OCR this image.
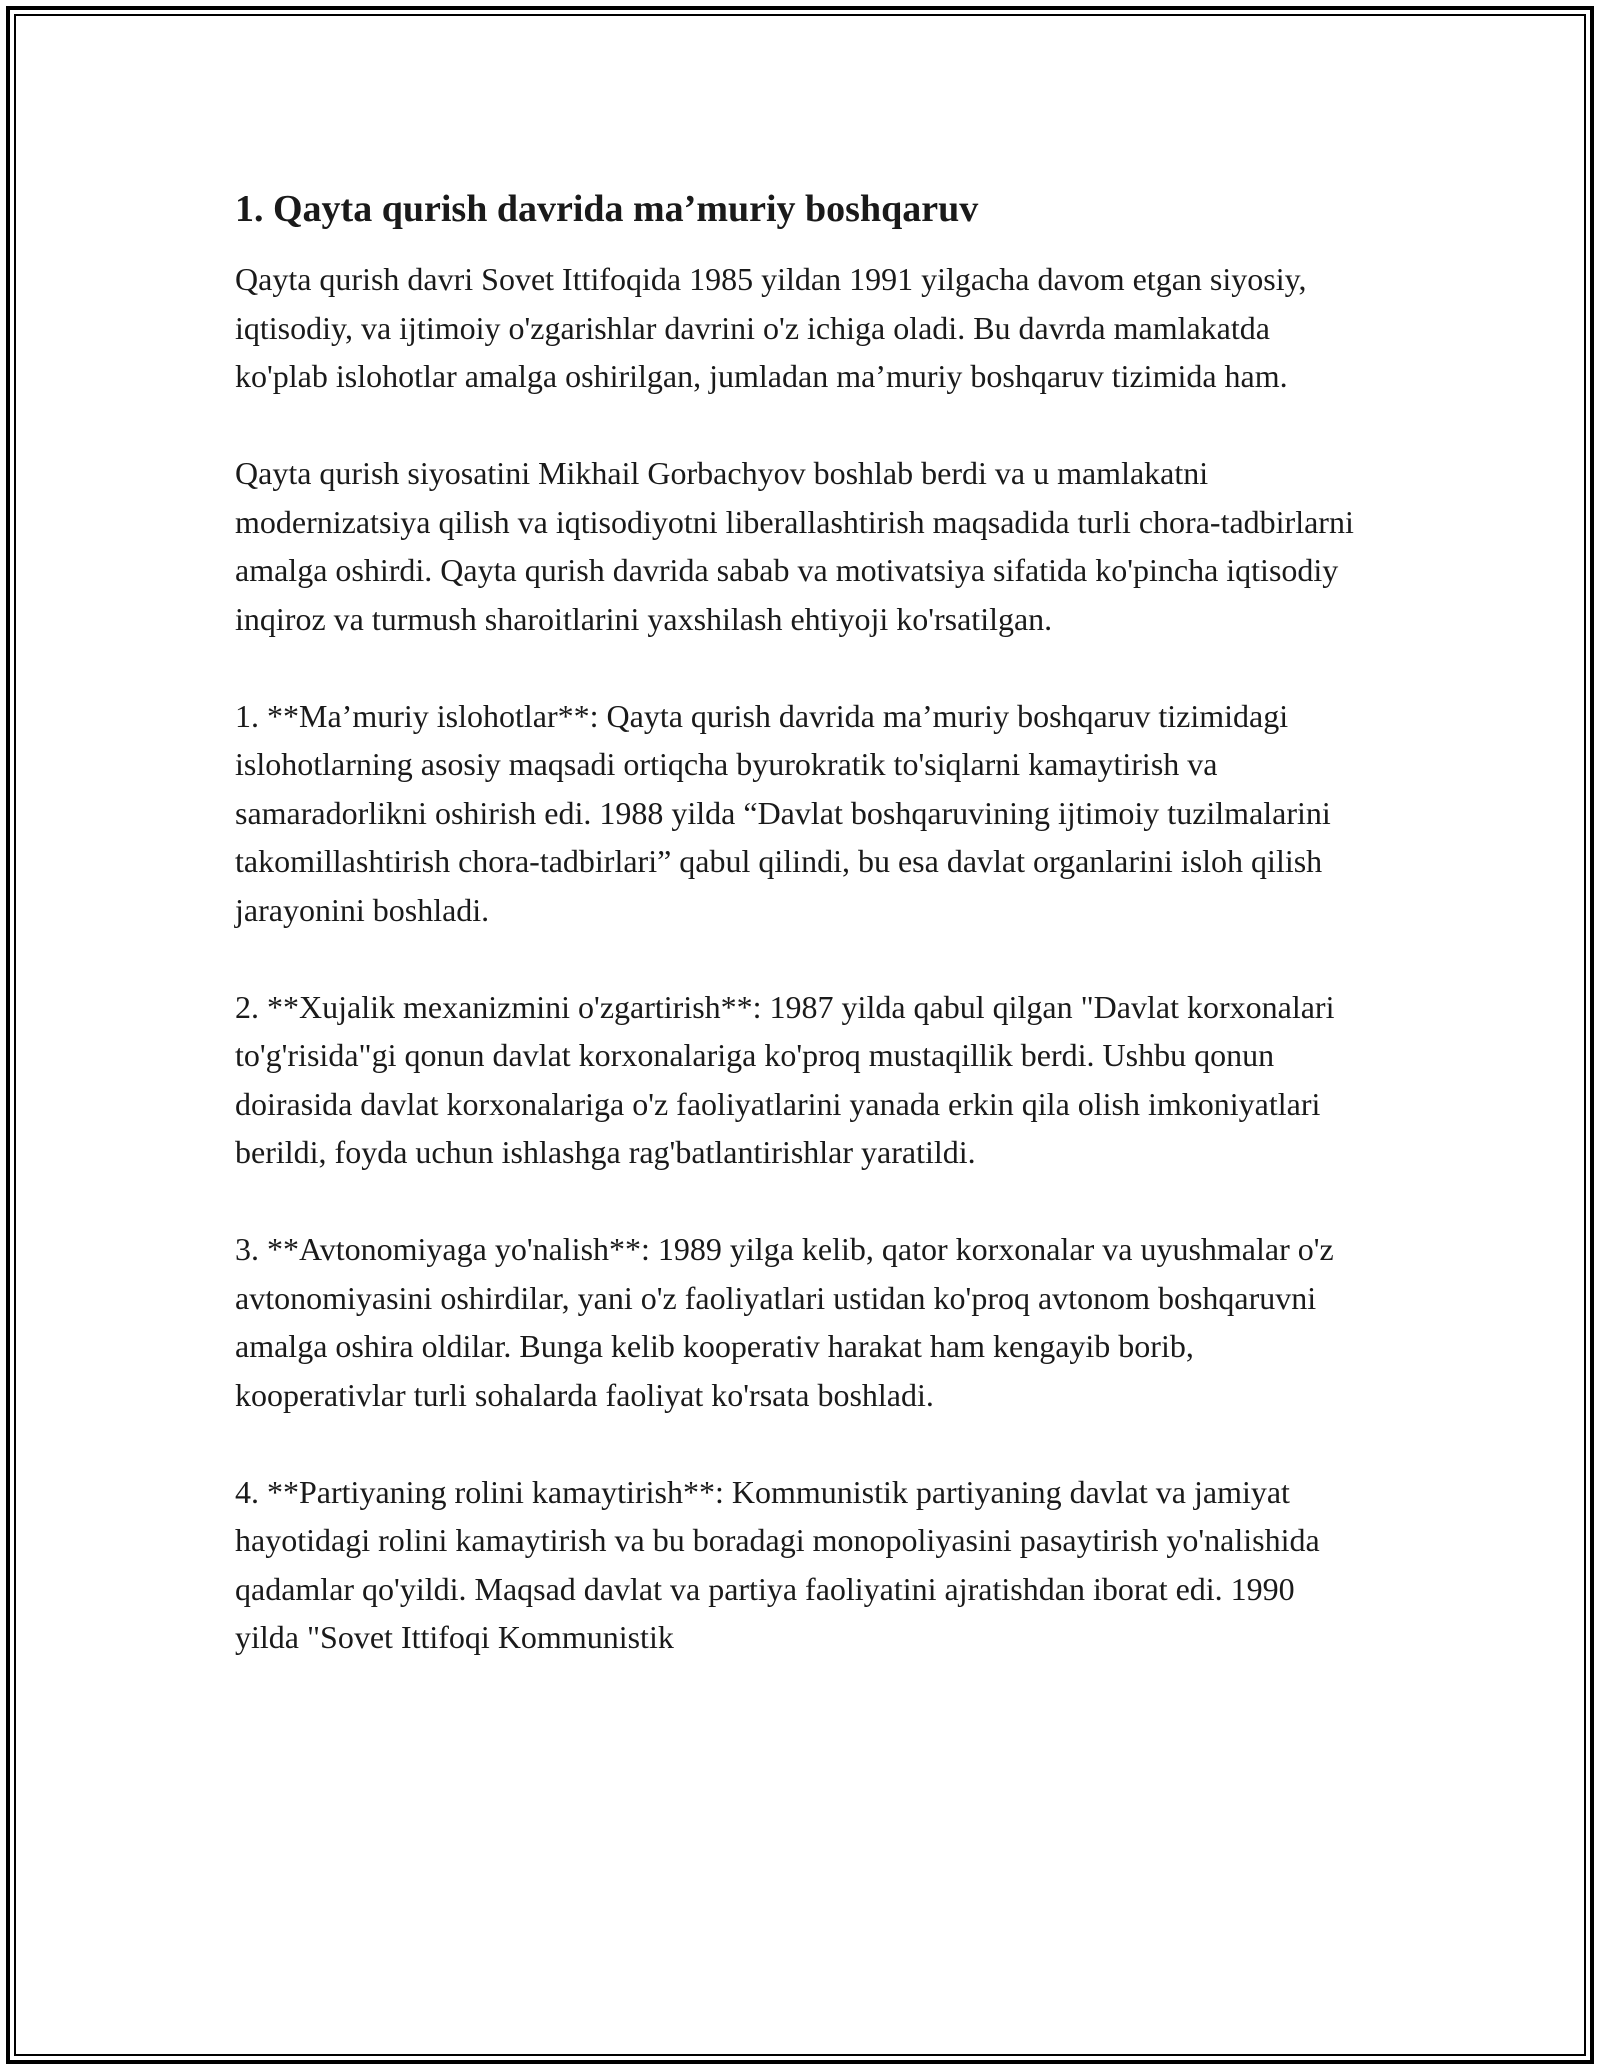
1. Qayta qurish davrida ma’muriy boshqaruv

Qayta qurish davri Sovet Ittifoqida 1985 yildan 1991 yilgacha davom etgan siyosiy, iqtisodiy, va ijtimoiy o'zgarishlar davrini o'z ichiga oladi. Bu davrda mamlakatda ko'plab islohotlar amalga oshirilgan, jumladan ma’muriy boshqaruv tizimida ham.

Qayta qurish siyosatini Mikhail Gorbachyov boshlab berdi va u mamlakatni modernizatsiya qilish va iqtisodiyotni liberallashtirish maqsadida turli chora-tadbirlarni amalga oshirdi. Qayta qurish davrida sabab va motivatsiya sifatida ko'pincha iqtisodiy inqiroz va turmush sharoitlarini yaxshilash ehtiyoji ko'rsatilgan.

1. **Ma’muriy islohotlar**: Qayta qurish davrida ma’muriy boshqaruv tizimidagi islohotlarning asosiy maqsadi ortiqcha byurokratik to'siqlarni kamaytirish va samaradorlikni oshirish edi. 1988 yilda “Davlat boshqaruvining ijtimoiy tuzilmalarini takomillashtirish chora-tadbirlari” qabul qilindi, bu esa davlat organlarini isloh qilish jarayonini boshladi.

2. **Xujalik mexanizmini o'zgartirish**: 1987 yilda qabul qilgan "Davlat korxonalari to'g'risida"gi qonun davlat korxonalariga ko'proq mustaqillik berdi. Ushbu qonun doirasida davlat korxonalariga o'z faoliyatlarini yanada erkin qila olish imkoniyatlari berildi, foyda uchun ishlashga rag'batlantirishlar yaratildi.

3. **Avtonomiyaga yo'nalish**: 1989 yilga kelib, qator korxonalar va uyushmalar o'z avtonomiyasini oshirdilar, yani o'z faoliyatlari ustidan ko'proq avtonom boshqaruvni amalga oshira oldilar. Bunga kelib kooperativ harakat ham kengayib borib, kooperativlar turli sohalarda faoliyat ko'rsata boshladi.

4. **Partiyaning rolini kamaytirish**: Kommunistik partiyaning davlat va jamiyat hayotidagi rolini kamaytirish va bu boradagi monopoliyasini pasaytirish yo'nalishida qadamlar qo'yildi. Maqsad davlat va partiya faoliyatini ajratishdan iborat edi. 1990 yilda "Sovet Ittifoqi Kommunistik
